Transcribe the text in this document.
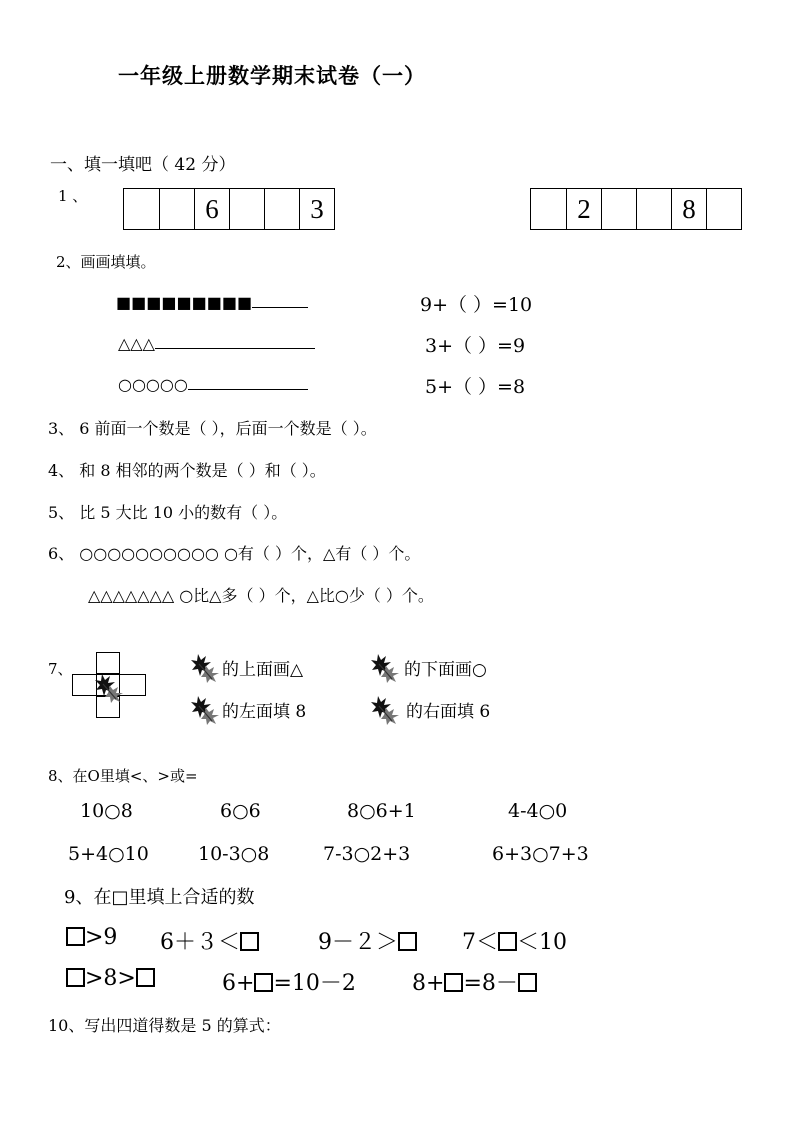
一年级上册数学期末试卷（一）
一、填一填吧（ 42 分）
1 、	6	3	2	8
2、画画填填。
■■■■■■■■■
△△△
○○○○○
9+（ ）=10
3+（ ）=9
5+（ ）=8
3、 6 前面一个数是（ ），后面一个数是（ ）。
4、 和 8 相邻的两个数是（ ）和（ ）。
5、 比 5 大比 10 小的数有（ ）。
6、 ○○○○○○○○○○ ○有（ ）个，△有（ ）个。
△△△△△△△ ○比△多（ ）个，△比○少（ ）个。
7、	的上面画△	的下面画○
的左面填 8	的右面填 6
8、在O里填<、>或=
10○8	6○6	8○6+1	4-4○0
5+4○10	10-3○8	7-3○2+3	6+3○7+3
9、在□里填上合适的数
>9 6＋３＜	9－２＞	7＜ ＜10
>8>	6+ =10－2	8+ =8－
10、写出四道得数是 5 的算式：
